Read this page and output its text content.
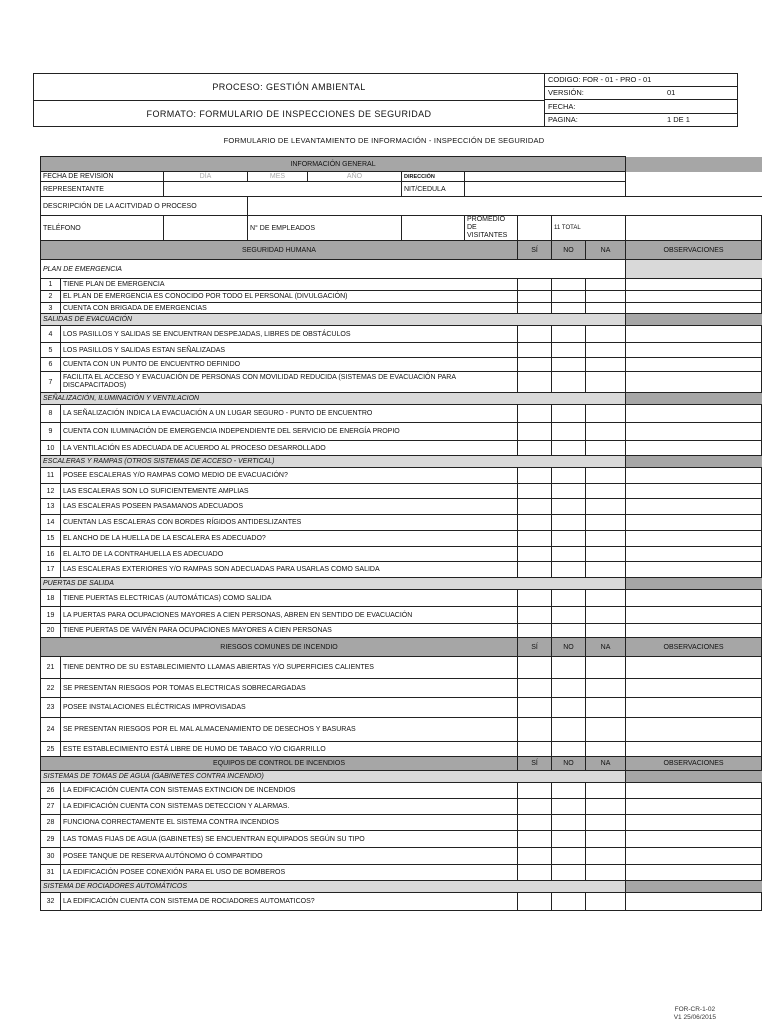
PROCESO: GESTIÓN AMBIENTAL
FORMATO: FORMULARIO DE INSPECCIONES DE SEGURIDAD
CODIGO: FOR - 01 - PRO - 01
VERSIÓN:	01
FECHA:
PAGINA:	1 DE 1
FORMULARIO DE LEVANTAMIENTO DE INFORMACIÓN - INSPECCIÓN DE SEGURIDAD
INFORMACIÓN GENERAL										
FECHA DE REVISIÓN		DÍA	MES	AÑO	DIRECCIÓN					
REPRESENTANTE					NIT/CEDULA					
DESCRIPCIÓN DE LA ACITVIDAD O PROCESO										
TELÉFONO			N° DE EMPLEADOS			PROMEDIO DE VISITANTES		11 TOTAL		
SEGURIDAD HUMANA							SÍ	NO	NA	OBSERVACIONES
PLAN DE EMERGENCIA										
1	TIENE PLAN DE EMERGENCIA									
2	EL PLAN DE EMERGENCIA ES CONOCIDO POR TODO EL PERSONAL (DIVULGACIÓN)									
3	CUENTA CON BRIGADA DE EMERGENCIAS									
SALIDAS DE EVACUACIÓN										
4	LOS PASILLOS Y SALIDAS SE ENCUENTRAN DESPEJADAS, LIBRES DE OBSTÁCULOS									
5	LOS PASILLOS Y SALIDAS ESTAN SEÑALIZADAS									
6	CUENTA CON UN PUNTO DE ENCUENTRO DEFINIDO									
7	FACILITA EL ACCESO Y EVACUACIÓN DE PERSONAS CON MOVILIDAD REDUCIDA (SISTEMAS DE EVACUACIÓN PARA DISCAPACITADOS)									
SEÑALIZACIÓN, ILUMINACIÓN Y VENTILACION										
8	LA SEÑALIZACIÓN INDICA LA EVACUACIÓN A UN LUGAR SEGURO - PUNTO DE ENCUENTRO									
9	CUENTA CON ILUMINACIÓN DE EMERGENCIA INDEPENDIENTE DEL SERVICIO DE ENERGÍA PROPIO									
10	LA VENTILACIÓN ES ADECUADA DE ACUERDO AL PROCESO DESARROLLADO									
ESCALERAS Y RAMPAS (OTROS SISTEMAS DE ACCESO - VERTICAL)										
11	POSEE ESCALERAS Y/O RAMPAS COMO MEDIO DE EVACUACIÓN?									
12	LAS ESCALERAS SON LO SUFICIENTEMENTE AMPLIAS									
13	LAS ESCALERAS POSEEN PASAMANOS ADECUADOS									
14	CUENTAN LAS ESCALERAS CON BORDES RÍGIDOS ANTIDESLIZANTES									
15	EL ANCHO DE LA HUELLA DE LA ESCALERA ES ADECUADO?									
16	EL ALTO DE LA CONTRAHUELLA ES ADECUADO									
17	LAS ESCALERAS EXTERIORES Y/O RAMPAS SON ADECUADAS PARA USARLAS COMO SALIDA									
PUERTAS DE SALIDA										
18	TIENE PUERTAS ELECTRICAS (AUTOMÁTICAS) COMO SALIDA									
19	LA PUERTAS PARA OCUPACIONES MAYORES A CIEN PERSONAS, ABREN EN SENTIDO DE EVACUACIÓN									
20	TIENE PUERTAS DE VAIVÉN PARA OCUPACIONES MAYORES A CIEN PERSONAS									
RIESGOS COMUNES DE INCENDIO							SÍ	NO	NA	OBSERVACIONES
21	TIENE DENTRO DE SU ESTABLECIMIENTO LLAMAS ABIERTAS Y/O SUPERFICIES CALIENTES									
22	SE PRESENTAN RIESGOS POR TOMAS ELECTRICAS SOBRECARGADAS									
23	POSEE INSTALACIONES ELÉCTRICAS IMPROVISADAS									
24	SE PRESENTAN RIESGOS POR EL MAL ALMACENAMIENTO DE DESECHOS Y BASURAS									
25	ESTE ESTABLECIMIENTO ESTÁ LIBRE DE HUMO DE TABACO Y/O CIGARRILLO									
EQUIPOS DE CONTROL DE INCENDIOS							SÍ	NO	NA	OBSERVACIONES
SISTEMAS DE TOMAS DE AGUA (GABINETES CONTRA INCENDIO)										
26	LA EDIFICACIÓN CUENTA CON SISTEMAS EXTINCION DE INCENDIOS									
27	LA EDIFICACIÓN CUENTA CON SISTEMAS DETECCION Y ALARMAS.									
28	FUNCIONA CORRECTAMENTE EL SISTEMA CONTRA INCENDIOS									
29	LAS TOMAS FIJAS DE AGUA (GABINETES) SE ENCUENTRAN EQUIPADOS SEGÚN SU TIPO									
30	POSEE TANQUE DE RESERVA AUTÓNOMO Ó COMPARTIDO									
31	LA EDIFICACIÓN POSEE CONEXIÓN PARA EL USO DE BOMBEROS									
SISTEMA DE ROCIADORES AUTOMÁTICOS										
32	LA EDIFICACIÓN CUENTA CON SISTEMA DE ROCIADORES AUTOMATICOS?									
FOR-CR-1-02
V1 25/06/2015
